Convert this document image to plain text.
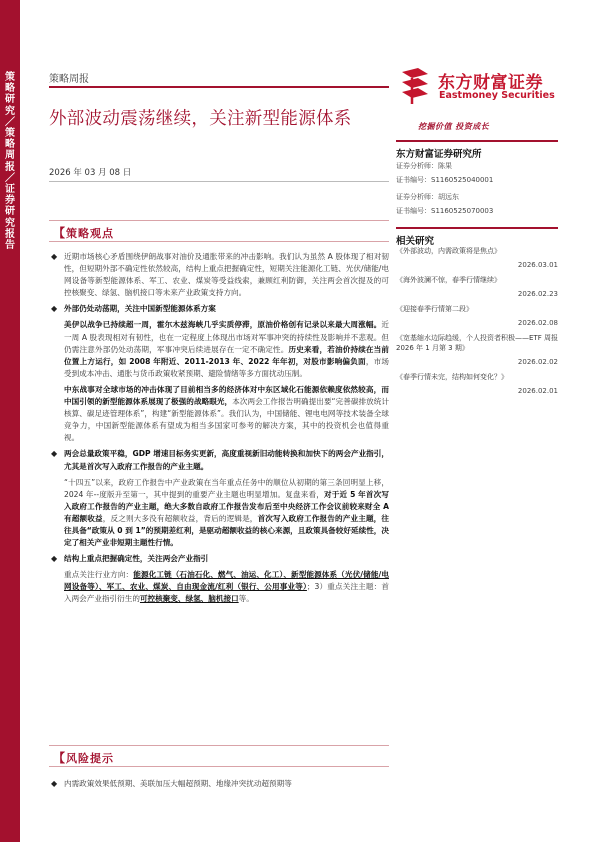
策略研究／策略周报／证券研究报告
策略周报
外部波动震荡继续，关注新型能源体系
2026 年 03 月 08 日
东方财富证券
Eastmoney Securities
挖掘价值 投资成长
东方财富证券研究所
证券分析师：陈果
证书编号：S1160525040001
证券分析师：胡远东
证书编号：S1160525070003
相关研究
《外部波动，内需政策将是焦点》
2026.03.01
《海外波澜不惊，春季行情继续》
2026.02.23
《迎接春季行情第二段》
2026.02.08
《宽基缩水边际趋缓，个人投资者积极——ETF 周报 2026 年 1 月第 3 期》
2026.02.02
《春季行情未完，结构如何变化？》
2026.02.01
【 策略观点
◆ 近期市场核心矛盾围绕伊朗战事对油价及通胀带来的冲击影响。我们认为虽然 A 股体现了相对韧性，但短期外部不确定性依然较高，结构上重点把握确定性，短期关注能源化工链、光伏/储能/电网设备等新型能源体系、军工、农业、煤炭等受益线索，兼顾红利防御，关注两会首次提及的可控核聚变、绿氢、脑机接口等未来产业政策支持方向。
◆ 外部仍处动荡期，关注中国新型能源体系方案
美伊以战争已持续超一周，霍尔木兹海峡几乎实质停滞，原油价格创有记录以来最大周涨幅。近一周 A 股表现相对有韧性，也在一定程度上体现出市场对军事冲突的持续性及影响并不悲观。但仍需注意外部仍处动荡期，军事冲突后续进展存在一定不确定性。历史来看，若油价持续在当前位置上方运行，如 2008 年附近、2011-2013 年、2022 年年初，对股市影响偏负面，市场受到成本冲击、通胀与货币政策收紧预期、避险情绪等多方面扰动压制。
中东战事对全球市场的冲击体现了目前相当多的经济体对中东区域化石能源依赖度依然较高，而中国引领的新型能源体系展现了极强的战略眼光，本次两会工作报告明确提出要“完善碳排放统计核算、碳足迹管理体系”，构建“新型能源体系”。我们认为，中国储能、锂电电网等技术装备全球竞争力，中国新型能源体系有望成为相当多国家可参考的解决方案，其中的投资机会也值得重视。
◆ 两会总量政策平稳，GDP 增速目标务实更新，高度重视新旧动能转换和加快下的两会产业指引，尤其是首次写入政府工作报告的产业主题。
“十四五”以来，政府工作报告中产业政策在当年重点任务中的顺位从初期的第三条回明显上移，2024 年--度版升至第一，其中提到的重要产业主题也明显增加。复盘来看，对于近 5 年首次写入政府工作报告的产业主题，绝大多数自政府工作报告发布后至中央经济工作会议前较来财全 A 有超额收益，反之则大多没有超额收益，背后的逻辑是，首次写入政府工作报告的产业主题，往往具备“政策从 0 到 1”的预期差红利，是驱动超额收益的核心来源，且政策具备较好延续性，决定了相关产业非短期主题性行情。
◆ 结构上重点把握确定性，关注两会产业指引
重点关注行业方向：能源化工链（石油石化、燃气、油运、化工）、新型能源体系（光伏/储能/电网设备等）、军工、农业、煤炭、自由现金流/红利（银行、公用事业等）；3）重点关注主题：首入两会产业指引衍生的可控核聚变、绿氢、脑机接口等。
【 风险提示
◆ 内需政策效果低预期、美联加压大幅超预期、地缘冲突扰动超预期等
